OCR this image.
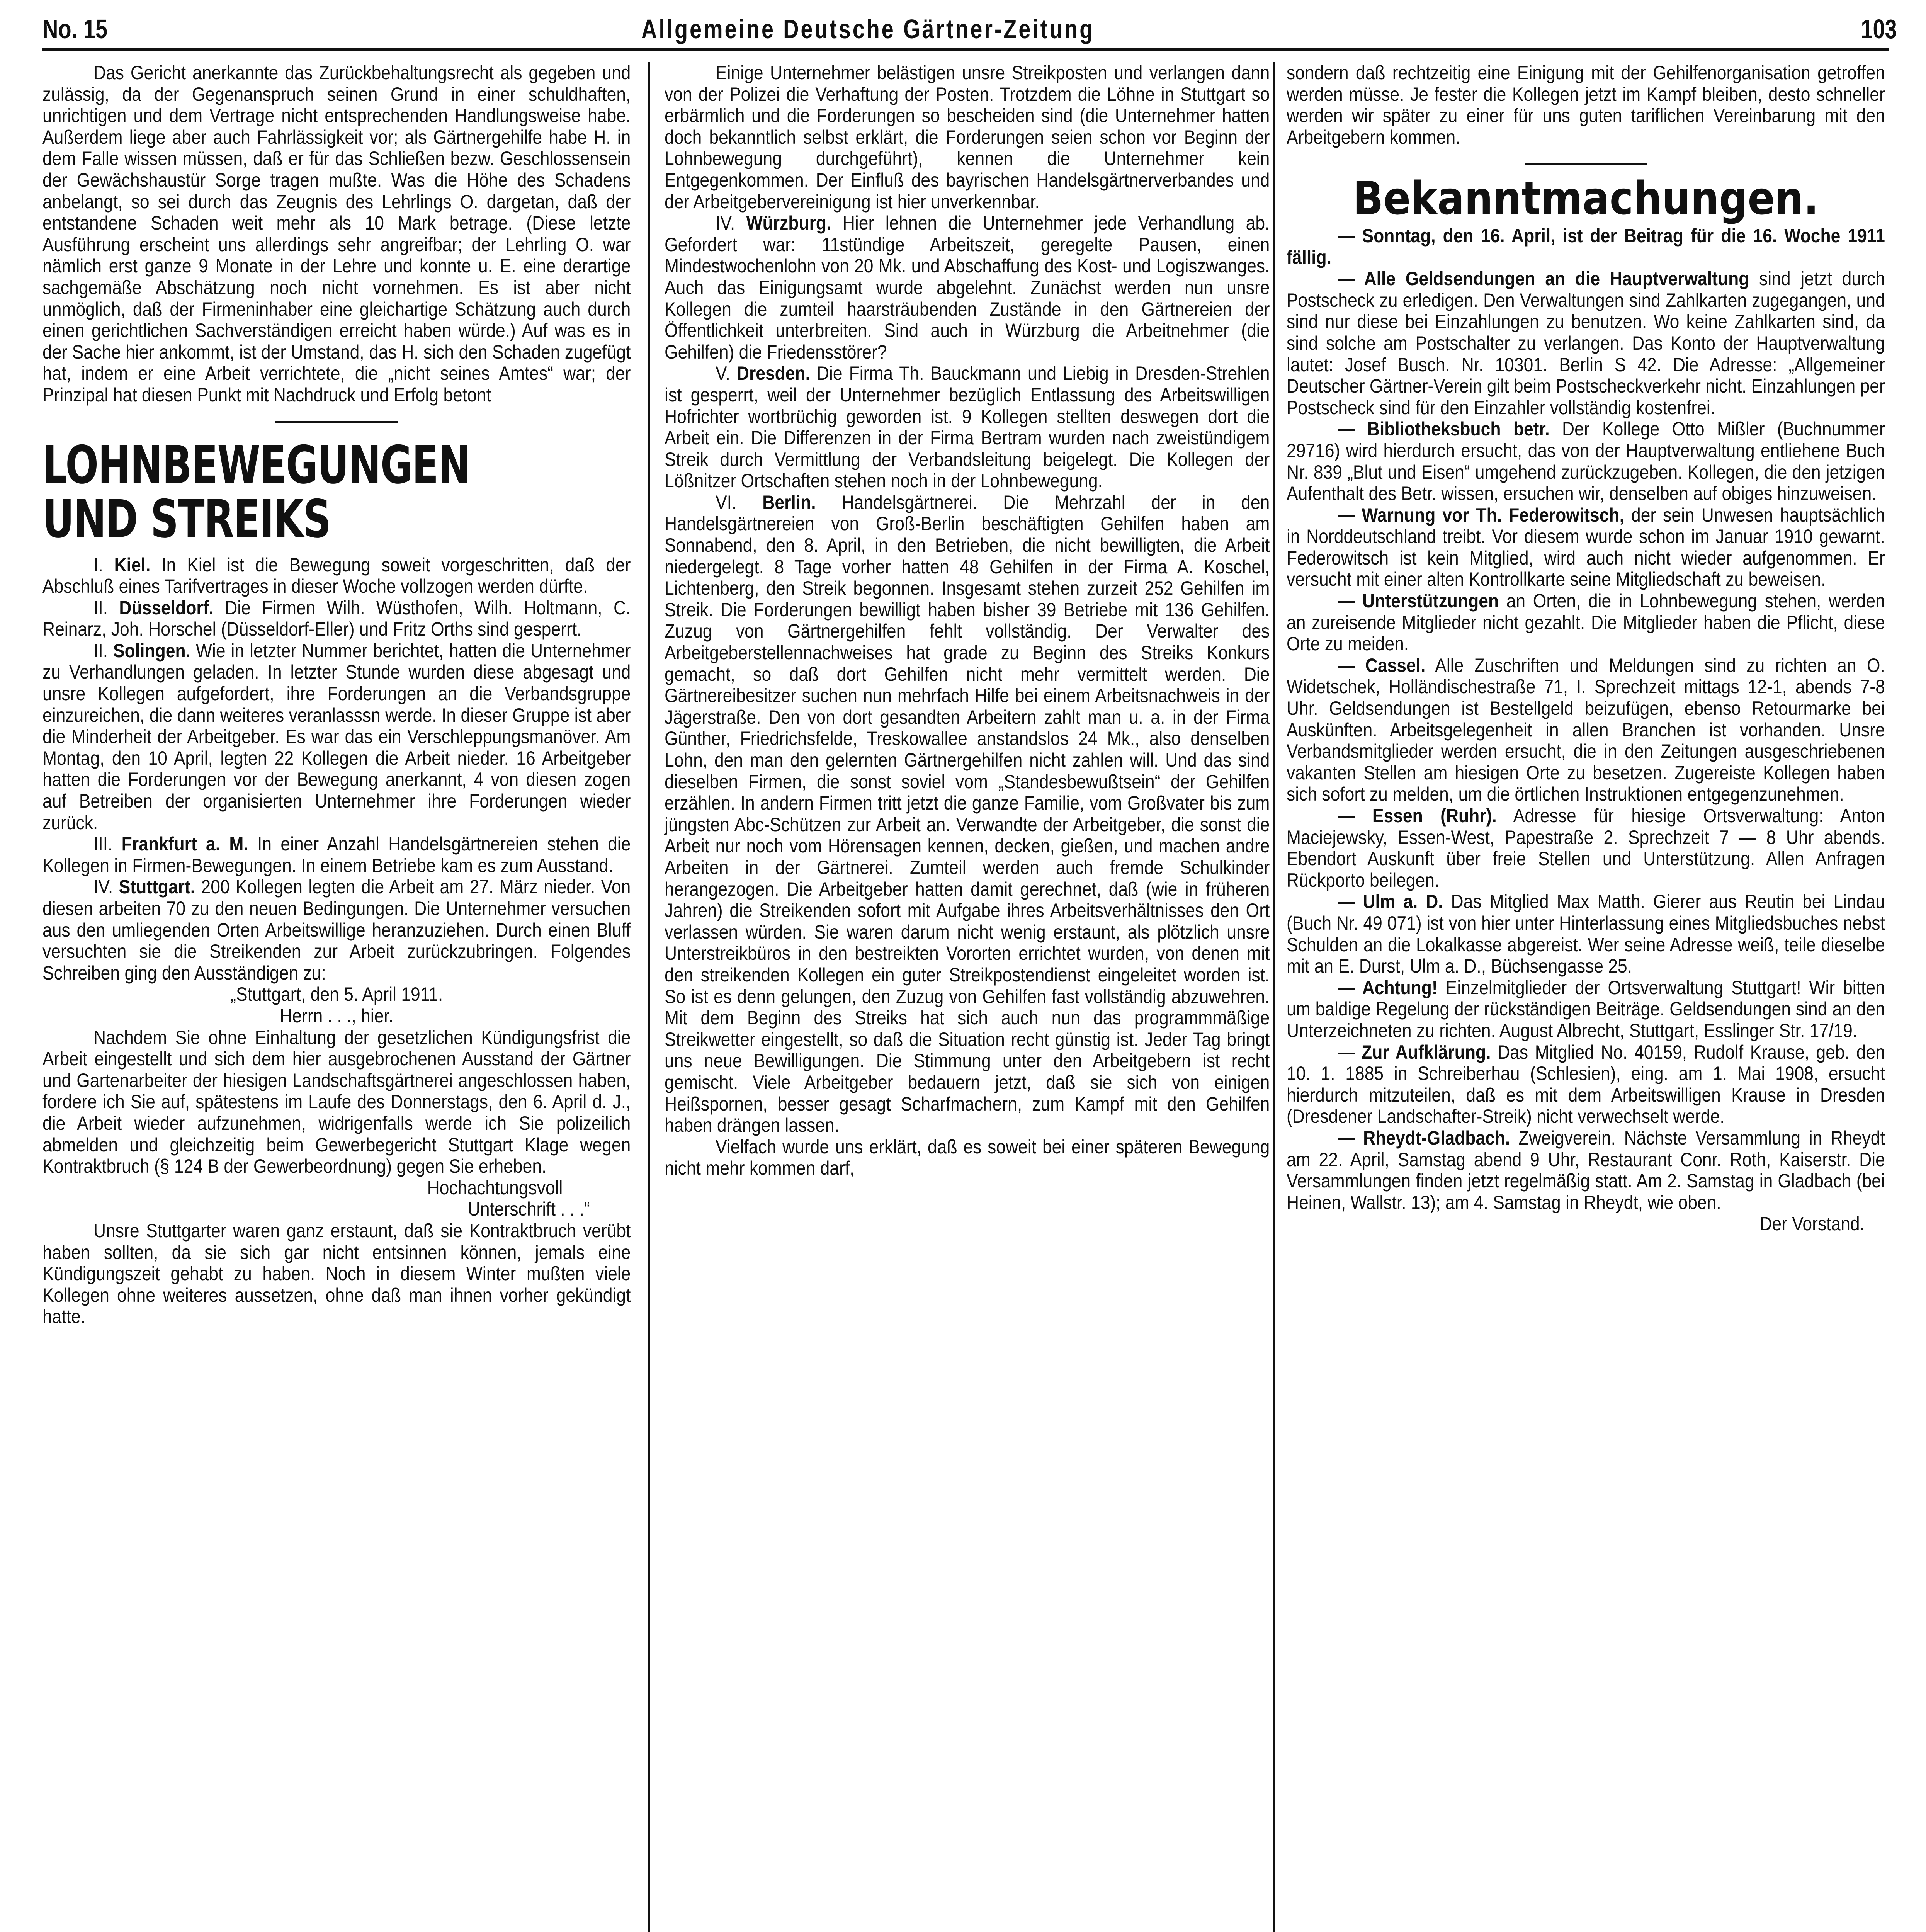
No. 15	Allgemeine Deutsche Gärtner-Zeitung	103

Das Gericht anerkannte das Zurückbehaltungsrecht als gegeben und zulässig, da der Gegenanspruch seinen Grund in einer schuldhaften, unrichtigen und dem Vertrage nicht entsprechenden Handlungsweise habe. Außerdem liege aber auch Fahrlässigkeit vor; als Gärtnergehilfe habe H. in dem Falle wissen müssen, daß er für das Schließen bezw. Geschlossensein der Gewächshaustür Sorge tragen mußte. Was die Höhe des Schadens anbelangt, so sei durch das Zeugnis des Lehrlings O. dargetan, daß der entstandene Schaden weit mehr als 10 Mark betrage. (Diese letzte Ausführung erscheint uns allerdings sehr angreifbar; der Lehrling O. war nämlich erst ganze 9 Monate in der Lehre und konnte u. E. eine derartige sachgemäße Abschätzung noch nicht vornehmen. Es ist aber nicht unmöglich, daß der Firmeninhaber eine gleichartige Schätzung auch durch einen gerichtlichen Sachverständigen erreicht haben würde.) Auf was es in der Sache hier ankommt, ist der Umstand, das H. sich den Schaden zugefügt hat, indem er eine Arbeit verrichtete, die „nicht seines Amtes“ war; der Prinzipal hat diesen Punkt mit Nachdruck und Erfolg betont

LOHNBEWEGUNGEN
UND STREIKS

I. Kiel. In Kiel ist die Bewegung soweit vorgeschritten, daß der Abschluß eines Tarifvertrages in dieser Woche vollzogen werden dürfte.

II. Düsseldorf. Die Firmen Wilh. Wüsthofen, Wilh. Holtmann, C. Reinarz, Joh. Horschel (Düsseldorf-Eller) und Fritz Orths sind gesperrt.

II. Solingen. Wie in letzter Nummer berichtet, hatten die Unternehmer zu Verhandlungen geladen. In letzter Stunde wurden diese abgesagt und unsre Kollegen aufgefordert, ihre Forderungen an die Verbandsgruppe einzureichen, die dann weiteres veranlasssn werde. In dieser Gruppe ist aber die Minderheit der Arbeitgeber. Es war das ein Verschleppungsmanöver. Am Montag, den 10 April, legten 22 Kollegen die Arbeit nieder. 16 Arbeitgeber hatten die Forderungen vor der Bewegung anerkannt, 4 von diesen zogen auf Betreiben der organisierten Unternehmer ihre Forderungen wieder zurück.

III. Frankfurt a. M. In einer Anzahl Handelsgärtnereien stehen die Kollegen in Firmen-Bewegungen. In einem Betriebe kam es zum Ausstand.

IV. Stuttgart. 200 Kollegen legten die Arbeit am 27. März nieder. Von diesen arbeiten 70 zu den neuen Bedingungen. Die Unternehmer versuchen aus den umliegenden Orten Arbeitswillige heranzuziehen. Durch einen Bluff versuchten sie die Streikenden zur Arbeit zurückzubringen. Folgendes Schreiben ging den Ausständigen zu:

„Stuttgart, den 5. April 1911.

Herrn . . ., hier.

Nachdem Sie ohne Einhaltung der gesetzlichen Kündigungsfrist die Arbeit eingestellt und sich dem hier ausgebrochenen Ausstand der Gärtner und Gartenarbeiter der hiesigen Landschaftsgärtnerei angeschlossen haben, fordere ich Sie auf, spätestens im Laufe des Donnerstags, den 6. April d. J., die Arbeit wieder aufzunehmen, widrigenfalls werde ich Sie polizeilich abmelden und gleichzeitig beim Gewerbegericht Stuttgart Klage wegen Kontraktbruch (§ 124 B der Gewerbeordnung) gegen Sie erheben.

Hochachtungsvoll

Unterschrift . . .“

Unsre Stuttgarter waren ganz erstaunt, daß sie Kontraktbruch verübt haben sollten, da sie sich gar nicht entsinnen können, jemals eine Kündigungszeit gehabt zu haben. Noch in diesem Winter mußten viele Kollegen ohne weiteres aussetzen, ohne daß man ihnen vorher gekündigt hatte.

Einige Unternehmer belästigen unsre Streikposten und verlangen dann von der Polizei die Verhaftung der Posten. Trotzdem die Löhne in Stuttgart so erbärmlich und die Forderungen so bescheiden sind (die Unternehmer hatten doch bekanntlich selbst erklärt, die Forderungen seien schon vor Beginn der Lohnbewegung durchgeführt), kennen die Unternehmer kein Entgegenkommen. Der Einfluß des bayrischen Handelsgärtnerverbandes und der Arbeitgebervereinigung ist hier unverkennbar.

IV. Würzburg. Hier lehnen die Unternehmer jede Verhandlung ab. Gefordert war: 11stündige Arbeitszeit, geregelte Pausen, einen Mindestwochenlohn von 20 Mk. und Abschaffung des Kost- und Logiszwanges. Auch das Einigungsamt wurde abgelehnt. Zunächst werden nun unsre Kollegen die zumteil haarsträubenden Zustände in den Gärtnereien der Öffentlichkeit unterbreiten. Sind auch in Würzburg die Arbeitnehmer (die Gehilfen) die Friedensstörer?

V. Dresden. Die Firma Th. Bauckmann und Liebig in Dresden-Strehlen ist gesperrt, weil der Unternehmer bezüglich Entlassung des Arbeitswilligen Hofrichter wortbrüchig geworden ist. 9 Kollegen stellten deswegen dort die Arbeit ein. Die Differenzen in der Firma Bertram wurden nach zweistündigem Streik durch Vermittlung der Verbandsleitung beigelegt. Die Kollegen der Lößnitzer Ortschaften stehen noch in der Lohnbewegung.

VI. Berlin. Handelsgärtnerei. Die Mehrzahl der in den Handelsgärtnereien von Groß-Berlin beschäftigten Gehilfen haben am Sonnabend, den 8. April, in den Betrieben, die nicht bewilligten, die Arbeit niedergelegt. 8 Tage vorher hatten 48 Gehilfen in der Firma A. Koschel, Lichtenberg, den Streik begonnen. Insgesamt stehen zurzeit 252 Gehilfen im Streik. Die Forderungen bewilligt haben bisher 39 Betriebe mit 136 Gehilfen. Zuzug von Gärtnergehilfen fehlt vollständig. Der Verwalter des Arbeitgeberstellennachweises hat grade zu Beginn des Streiks Konkurs gemacht, so daß dort Gehilfen nicht mehr vermittelt werden. Die Gärtnereibesitzer suchen nun mehrfach Hilfe bei einem Arbeitsnachweis in der Jägerstraße. Den von dort gesandten Arbeitern zahlt man u. a. in der Firma Günther, Friedrichsfelde, Treskowallee anstandslos 24 Mk., also denselben Lohn, den man den gelernten Gärtnergehilfen nicht zahlen will. Und das sind dieselben Firmen, die sonst soviel vom „Standesbewußtsein“ der Gehilfen erzählen. In andern Firmen tritt jetzt die ganze Familie, vom Großvater bis zum jüngsten Abc-Schützen zur Arbeit an. Verwandte der Arbeitgeber, die sonst die Arbeit nur noch vom Hörensagen kennen, decken, gießen, und machen andre Arbeiten in der Gärtnerei. Zumteil werden auch fremde Schulkinder herangezogen. Die Arbeitgeber hatten damit gerechnet, daß (wie in früheren Jahren) die Streikenden sofort mit Aufgabe ihres Arbeitsverhältnisses den Ort verlassen würden. Sie waren darum nicht wenig erstaunt, als plötzlich unsre Unterstreikbüros in den bestreikten Vororten errichtet wurden, von denen mit den streikenden Kollegen ein guter Streikpostendienst eingeleitet worden ist. So ist es denn gelungen, den Zuzug von Gehilfen fast vollständig abzuwehren. Mit dem Beginn des Streiks hat sich auch nun das programmmäßige Streikwetter eingestellt, so daß die Situation recht günstig ist. Jeder Tag bringt uns neue Bewilligungen. Die Stimmung unter den Arbeitgebern ist recht gemischt. Viele Arbeitgeber bedauern jetzt, daß sie sich von einigen Heißspornen, besser gesagt Scharfmachern, zum Kampf mit den Gehilfen haben drängen lassen.

Vielfach wurde uns erklärt, daß es soweit bei einer späteren Bewegung nicht mehr kommen darf,

sondern daß rechtzeitig eine Einigung mit der Gehilfenorganisation getroffen werden müsse. Je fester die Kollegen jetzt im Kampf bleiben, desto schneller werden wir später zu einer für uns guten tariflichen Vereinbarung mit den Arbeitgebern kommen.

Bekanntmachungen.

— Sonntag, den 16. April, ist der Beitrag für die 16. Woche 1911 fällig.

— Alle Geldsendungen an die Hauptverwaltung sind jetzt durch Postscheck zu erledigen. Den Verwaltungen sind Zahlkarten zugegangen, und sind nur diese bei Einzahlungen zu benutzen. Wo keine Zahlkarten sind, da sind solche am Postschalter zu verlangen. Das Konto der Hauptverwaltung lautet: Josef Busch. Nr. 10301. Berlin S 42. Die Adresse: „Allgemeiner Deutscher Gärtner-Verein gilt beim Postscheckverkehr nicht. Einzahlungen per Postscheck sind für den Einzahler vollständig kostenfrei.

— Bibliotheksbuch betr. Der Kollege Otto Mißler (Buchnummer 29716) wird hierdurch ersucht, das von der Hauptverwaltung entliehene Buch Nr. 839 „Blut und Eisen“ umgehend zurückzugeben. Kollegen, die den jetzigen Aufenthalt des Betr. wissen, ersuchen wir, denselben auf obiges hinzuweisen.

— Warnung vor Th. Federowitsch, der sein Unwesen hauptsächlich in Norddeutschland treibt. Vor diesem wurde schon im Januar 1910 gewarnt. Federowitsch ist kein Mitglied, wird auch nicht wieder aufgenommen. Er versucht mit einer alten Kontrollkarte seine Mitgliedschaft zu beweisen.

— Unterstützungen an Orten, die in Lohnbewegung stehen, werden an zureisende Mitglieder nicht gezahlt. Die Mitglieder haben die Pflicht, diese Orte zu meiden.

— Cassel. Alle Zuschriften und Meldungen sind zu richten an O. Widetschek, Holländischestraße 71, I. Sprechzeit mittags 12-1, abends 7-8 Uhr. Geldsendungen ist Bestellgeld beizufügen, ebenso Retourmarke bei Auskünften. Arbeitsgelegenheit in allen Branchen ist vorhanden. Unsre Verbandsmitglieder werden ersucht, die in den Zeitungen ausgeschriebenen vakanten Stellen am hiesigen Orte zu besetzen. Zugereiste Kollegen haben sich sofort zu melden, um die örtlichen Instruktionen entgegenzunehmen.

— Essen (Ruhr). Adresse für hiesige Ortsverwaltung: Anton Maciejewsky, Essen-West, Papestraße 2. Sprechzeit 7 — 8 Uhr abends. Ebendort Auskunft über freie Stellen und Unterstützung. Allen Anfragen Rückporto beilegen.

— Ulm a. D. Das Mitglied Max Matth. Gierer aus Reutin bei Lindau (Buch Nr. 49 071) ist von hier unter Hinterlassung eines Mitgliedsbuches nebst Schulden an die Lokalkasse abgereist. Wer seine Adresse weiß, teile dieselbe mit an E. Durst, Ulm a. D., Büchsengasse 25.

— Achtung! Einzelmitglieder der Ortsverwaltung Stuttgart! Wir bitten um baldige Regelung der rückständigen Beiträge. Geldsendungen sind an den Unterzeichneten zu richten. August Albrecht, Stuttgart, Esslinger Str. 17/19.

— Zur Aufklärung. Das Mitglied No. 40159, Rudolf Krause, geb. den 10. 1. 1885 in Schreiberhau (Schlesien), eing. am 1. Mai 1908, ersucht hierdurch mitzuteilen, daß es mit dem Arbeitswilligen Krause in Dresden (Dresdener Landschafter-Streik) nicht verwechselt werde.

— Rheydt-Gladbach. Zweigverein. Nächste Versammlung in Rheydt am 22. April, Samstag abend 9 Uhr, Restaurant Conr. Roth, Kaiserstr. Die Versammlungen finden jetzt regelmäßig statt. Am 2. Samstag in Gladbach (bei Heinen, Wallstr. 13); am 4. Samstag in Rheydt, wie oben.

Der Vorstand.
